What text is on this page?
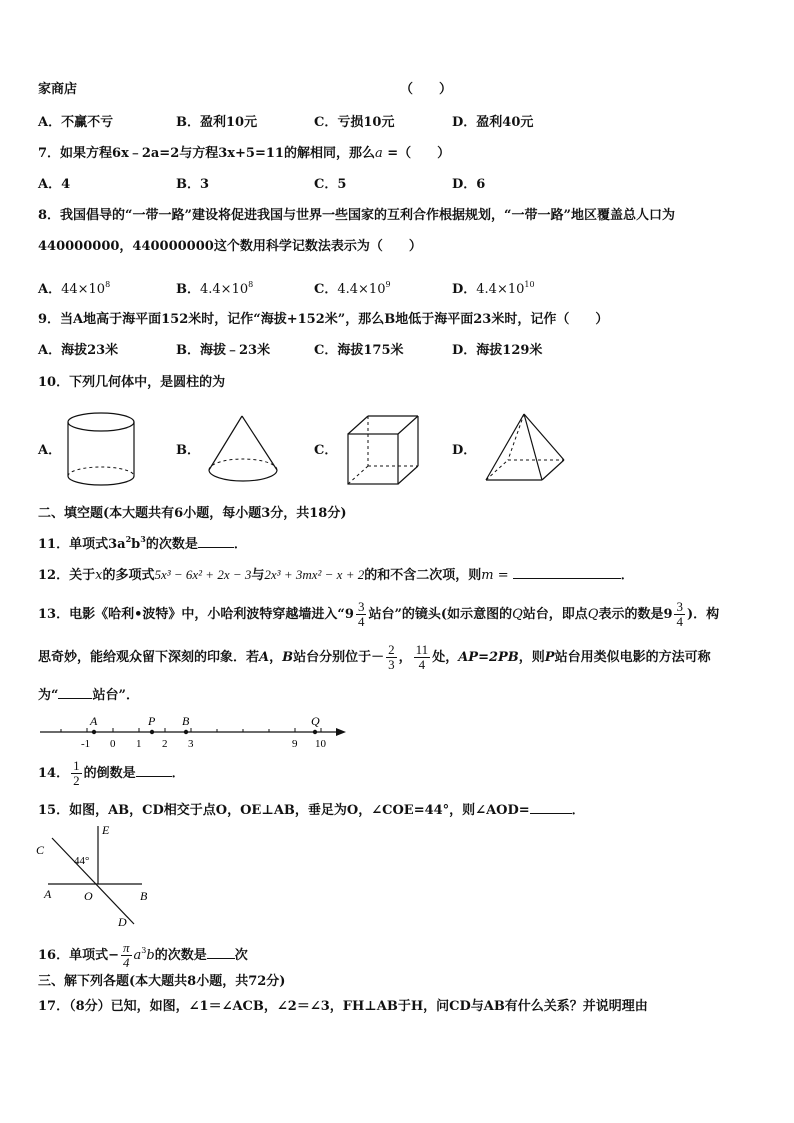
家商店	（　　）
A．不赢不亏	B．盈利10元	C．亏损10元	D．盈利40元
7．如果方程6x﹣2a=2与方程3x+5=11的解相同，那么a =（　　）
A．4	B．3	C．5	D．6
8．我国倡导的“一带一路”建设将促进我国与世界一些国家的互利合作根据规划，“一带一路”地区覆盖总人口为
440000000，440000000这个数用科学记数法表示为（　　）
A．$44\times 10^8$	B．$4.4\times 10^8$	C．$4.4\times 10^9$	D．$4.4\times 10^{10}$
9．当A地高于海平面152米时，记作“海拔+152米”，那么B地低于海平面23米时，记作（　　）
A．海拔23米	B．海拔﹣23米	C．海拔175米	D．海拔129米
10．下列几何体中，是圆柱的为
A．	B．	C．	D．
二、填空题(本大题共有6小题，每小题3分，共18分)
11．单项式$3a^2b^3$的次数是	．
12．关于x的多项式5x³ − 6x² + 2x − 3与2x³ + 3mx² − x + 2的和不含二次项，则m =	．
13．电影《哈利•波特》中，小哈利波特穿越墙进入“$9 \frac{3}{4}$ 站台”的镜头(如示意图的Q站台，即点Q表示的数是$9 \frac{3}{4}$ )．构
思奇妙，能给观众留下深刻的印象．若A，B站台分别位于－ $\frac{2}{3}$ ， $\frac{11}{4}$ 处，AP=2PB，则P站台用类似电影的方法可称
为“	站台”．
-1 0 1 2 3	9 10
A	P B	Q
14． $\frac{1}{2}$ 的倒数是	．
15．如图，AB，CD相交于点O，OE⊥AB，垂足为O，∠COE=44°，则∠AOD=	．
E
C
44°
A	O	B
D
16．单项式− $\frac{\pi}{4} a^3b$的次数是 次
三、解下列各题(本大题共8小题，共72分)
17．（8分）已知，如图，∠1＝∠ACB，∠2＝∠3，FH⊥AB于H，问CD与AB有什么关系？并说明理由
